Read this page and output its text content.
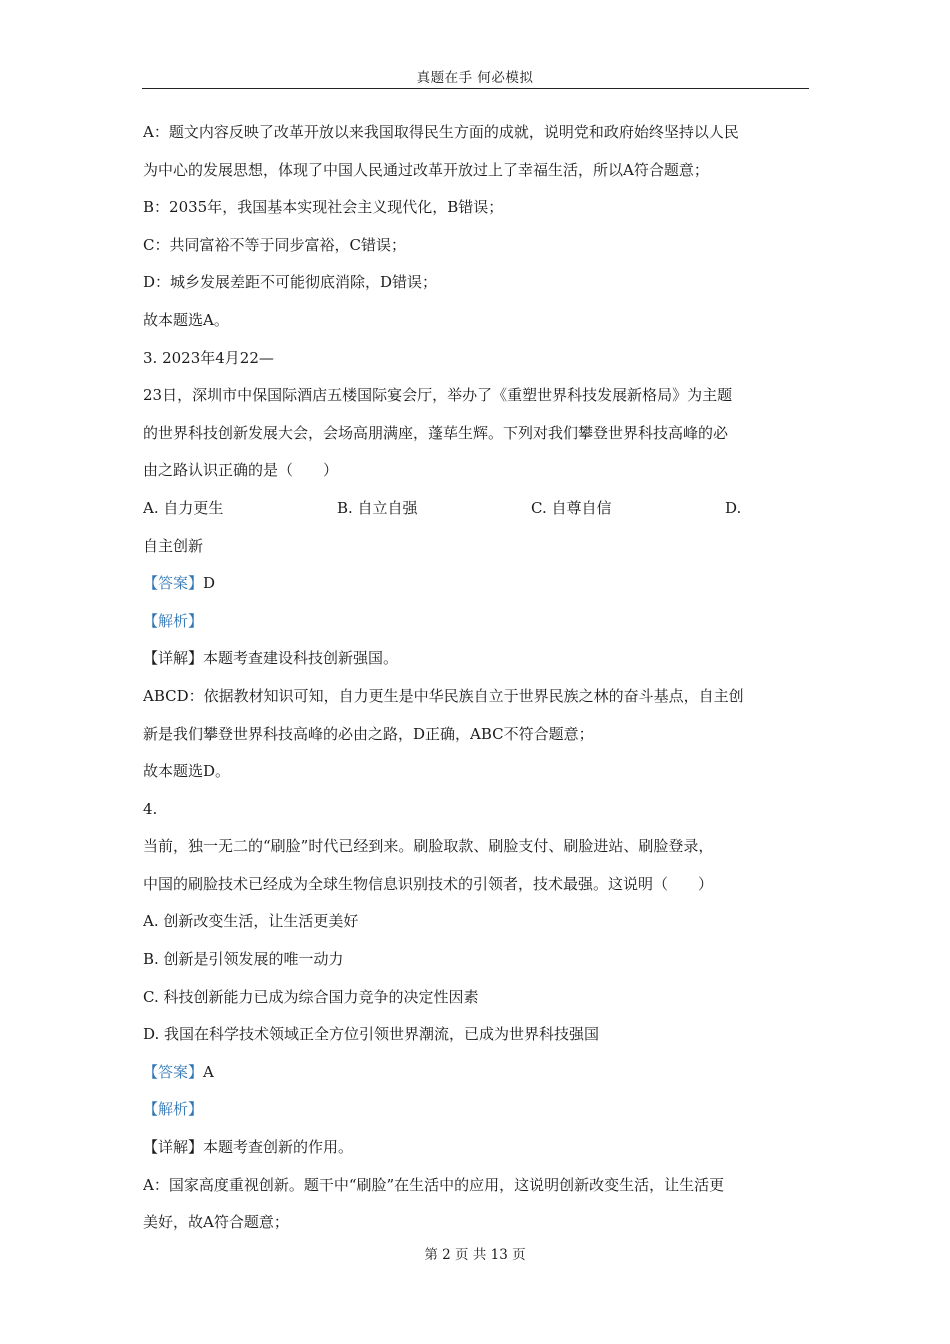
真题在手 何必模拟
A：题文内容反映了改革开放以来我国取得民生方面的成就，说明党和政府始终坚持以人民
为中心的发展思想，体现了中国人民通过改革开放过上了幸福生活，所以A符合题意；
B：2035年，我国基本实现社会主义现代化，B错误；
C：共同富裕不等于同步富裕，C错误；
D：城乡发展差距不可能彻底消除，D错误；
故本题选A。
3. 2023年4月22—
23日，深圳市中保国际酒店五楼国际宴会厅，举办了《重塑世界科技发展新格局》为主题
的世界科技创新发展大会，会场高朋满座，蓬荜生辉。下列对我们攀登世界科技高峰的必
由之路认识正确的是（　　）
A. 自力更生	B. 自立自强	C. 自尊自信	D.
自主创新
【答案】D
【解析】
【详解】本题考查建设科技创新强国。
ABCD：依据教材知识可知，自力更生是中华民族自立于世界民族之林的奋斗基点，自主创
新是我们攀登世界科技高峰的必由之路，D正确，ABC不符合题意；
故本题选D。
4.
当前，独一无二的“刷脸”时代已经到来。刷脸取款、刷脸支付、刷脸进站、刷脸登录，
中国的刷脸技术已经成为全球生物信息识别技术的引领者，技术最强。这说明（　　）
A. 创新改变生活，让生活更美好
B. 创新是引领发展的唯一动力
C. 科技创新能力已成为综合国力竞争的决定性因素
D. 我国在科学技术领域正全方位引领世界潮流，已成为世界科技强国
【答案】A
【解析】
【详解】本题考查创新的作用。
A：国家高度重视创新。题干中“刷脸”在生活中的应用，这说明创新改变生活，让生活更
美好，故A符合题意；
第 2 页 共 13 页
